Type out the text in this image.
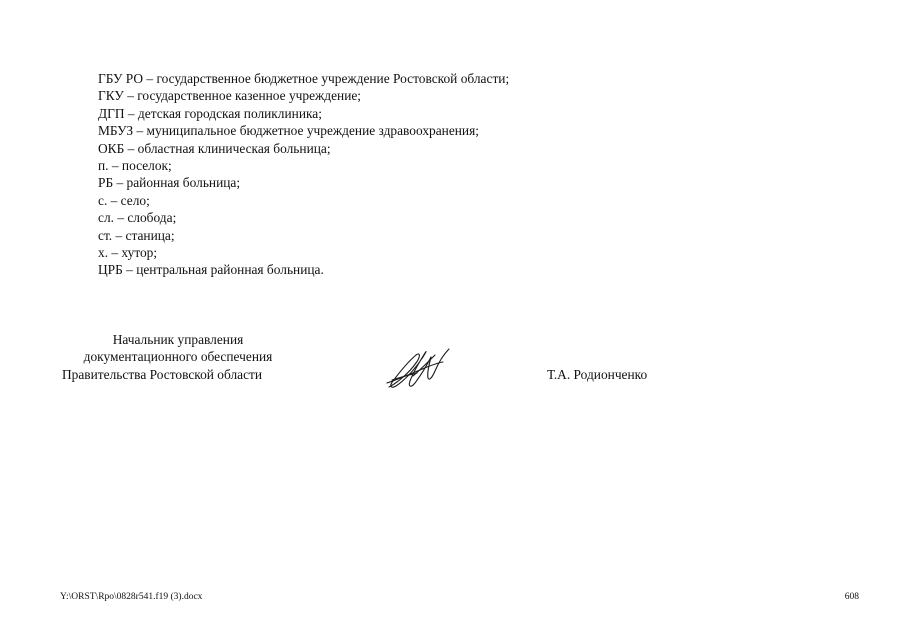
ГБУ РО – государственное бюджетное учреждение Ростовской области;
ГКУ – государственное казенное учреждение;
ДГП – детская городская поликлиника;
МБУЗ – муниципальное бюджетное учреждение здравоохранения;
ОКБ – областная клиническая больница;
п. – поселок;
РБ – районная больница;
с. – село;
сл. – слобода;
ст. – станица;
х. – хутор;
ЦРБ – центральная районная больница.
Начальник управления
документационного обеспечения
Правительства Ростовской области	Т.А. Родионченко
Y:\ORST\Rpo\0828r541.f19 (3).docx	608
